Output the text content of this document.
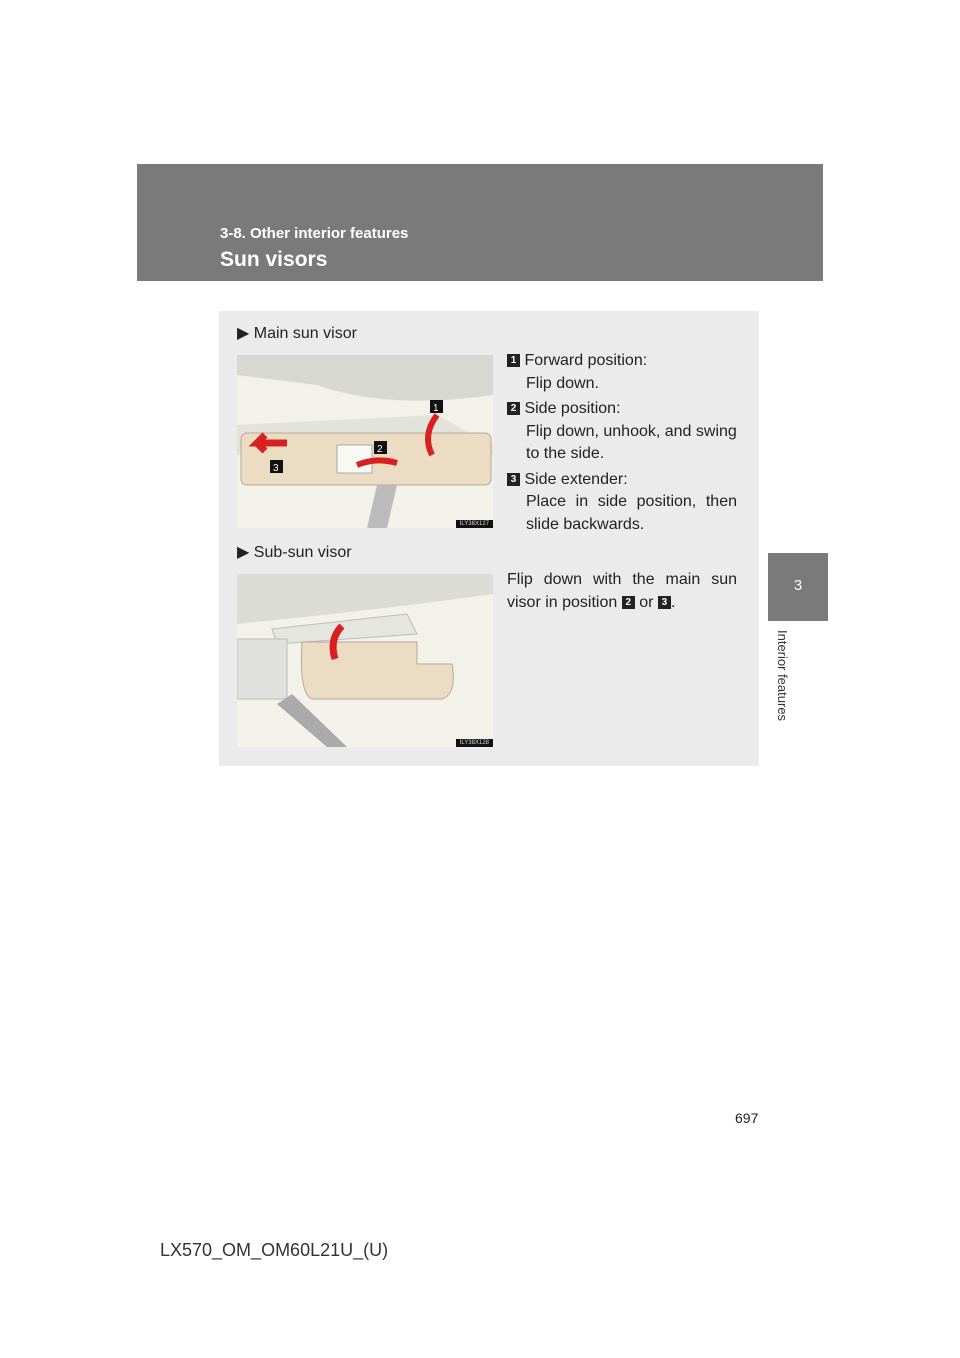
3-8. Other interior features
Sun visors
3
Interior features
▶ Main sun visor
1
2
3
ILY38X127
1 Forward position:
Flip down.
2 Side position:
Flip down, unhook, and swing to the side.
3 Side extender:
Place in side position, then slide backwards.
▶ Sub-sun visor
ILY38X128
Flip down with the main sun visor in position 2 or 3 .
697
LX570_OM_OM60L21U_(U)
